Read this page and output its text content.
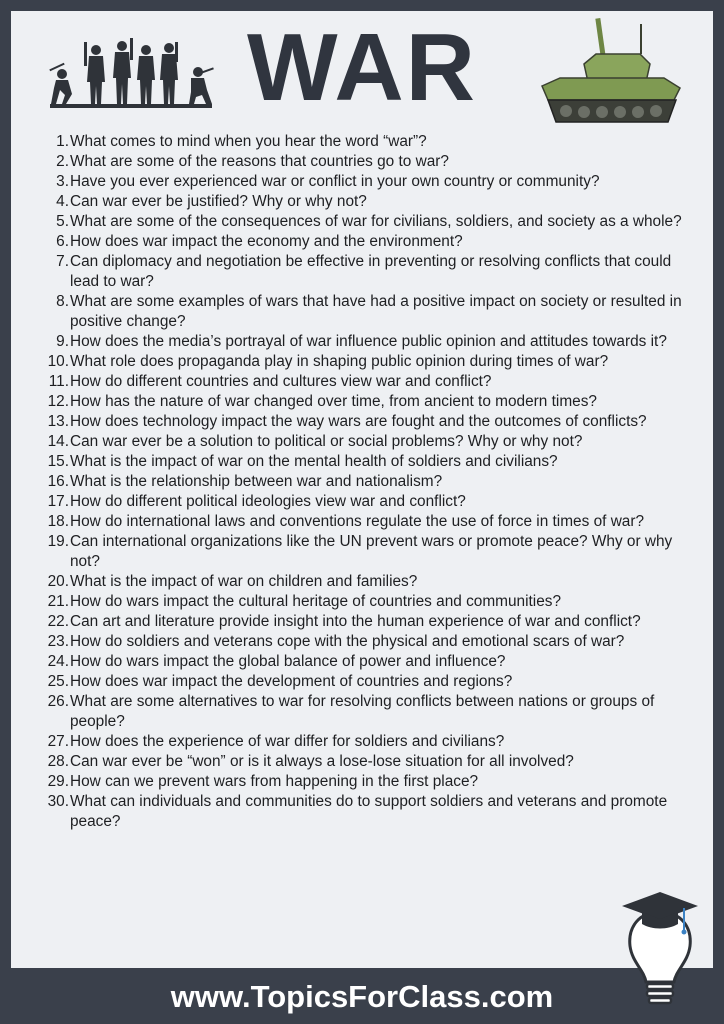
WAR
1. What comes to mind when you hear the word “war”?
2. What are some of the reasons that countries go to war?
3. Have you ever experienced war or conflict in your own country or community?
4. Can war ever be justified? Why or why not?
5. What are some of the consequences of war for civilians, soldiers, and society as a whole?
6. How does war impact the economy and the environment?
7. Can diplomacy and negotiation be effective in preventing or resolving conflicts that could lead to war?
8. What are some examples of wars that have had a positive impact on society or resulted in positive change?
9. How does the media’s portrayal of war influence public opinion and attitudes towards it?
10. What role does propaganda play in shaping public opinion during times of war?
11. How do different countries and cultures view war and conflict?
12. How has the nature of war changed over time, from ancient to modern times?
13. How does technology impact the way wars are fought and the outcomes of conflicts?
14. Can war ever be a solution to political or social problems? Why or why not?
15. What is the impact of war on the mental health of soldiers and civilians?
16. What is the relationship between war and nationalism?
17. How do different political ideologies view war and conflict?
18. How do international laws and conventions regulate the use of force in times of war?
19. Can international organizations like the UN prevent wars or promote peace? Why or why not?
20. What is the impact of war on children and families?
21. How do wars impact the cultural heritage of countries and communities?
22. Can art and literature provide insight into the human experience of war and conflict?
23. How do soldiers and veterans cope with the physical and emotional scars of war?
24. How do wars impact the global balance of power and influence?
25. How does war impact the development of countries and regions?
26. What are some alternatives to war for resolving conflicts between nations or groups of people?
27. How does the experience of war differ for soldiers and civilians?
28. Can war ever be “won” or is it always a lose-lose situation for all involved?
29. How can we prevent wars from happening in the first place?
30. What can individuals and communities do to support soldiers and veterans and promote peace?
www.TopicsForClass.com
